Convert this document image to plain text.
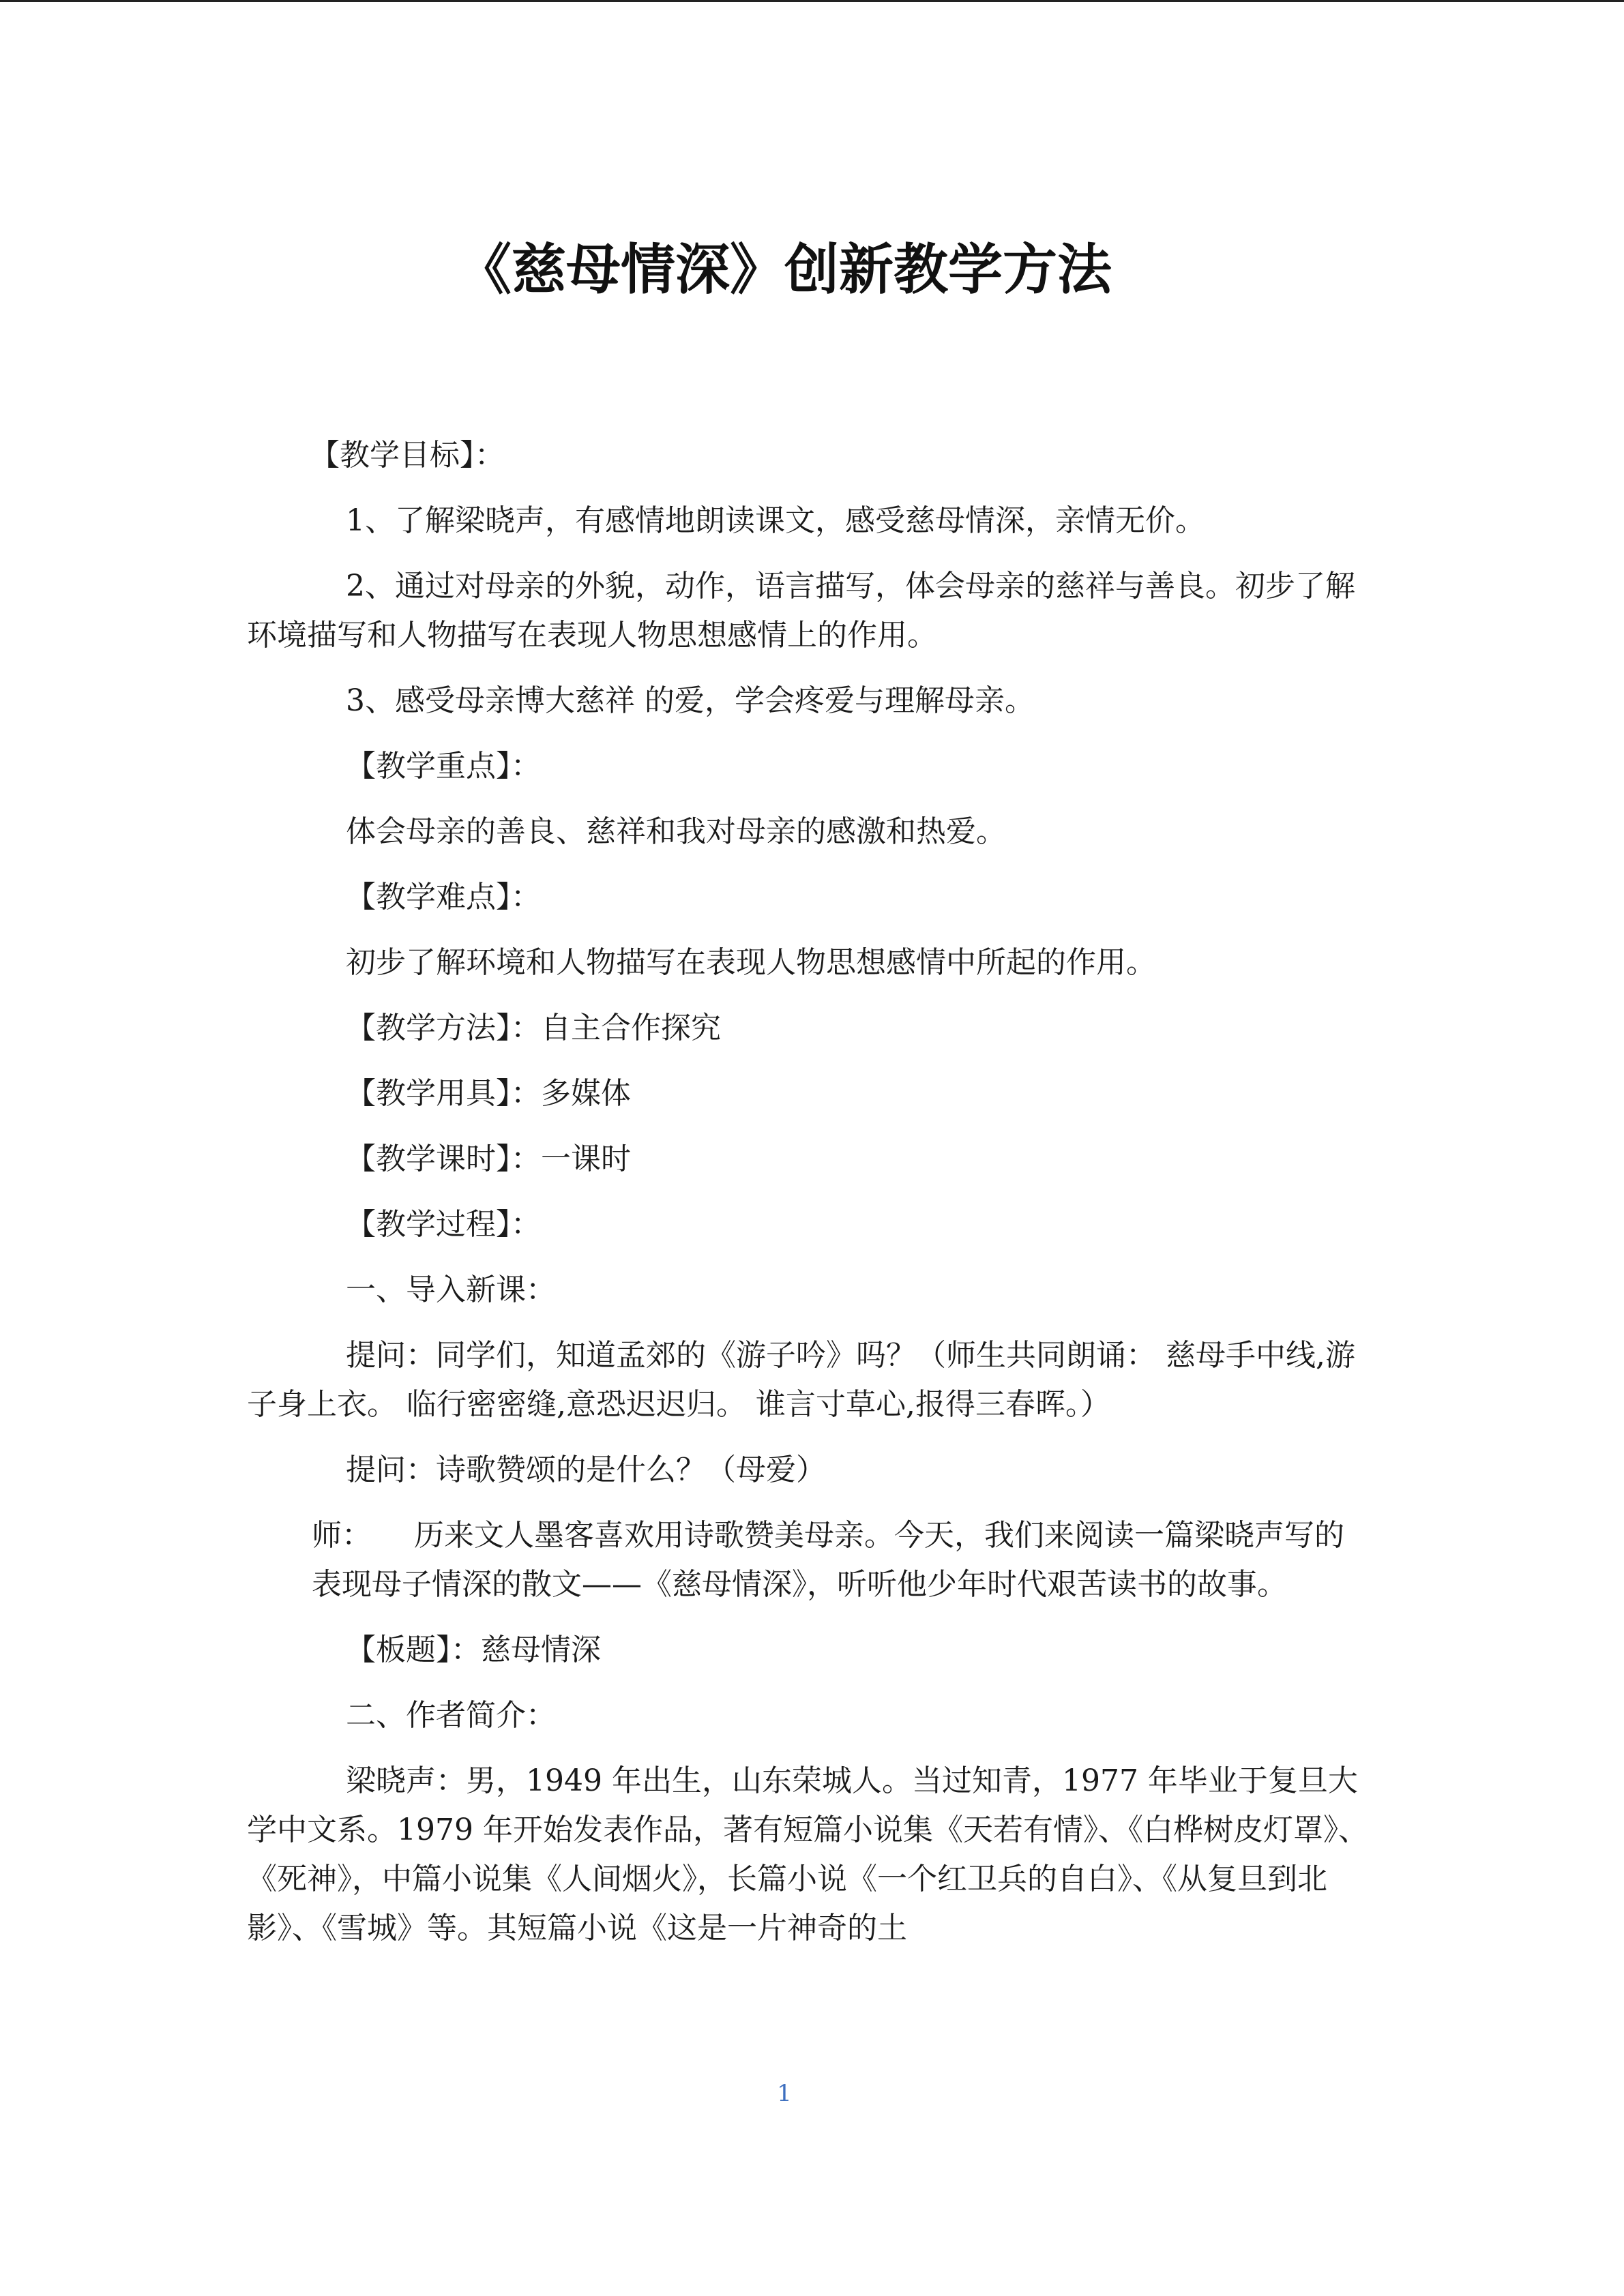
《慈母情深》创新教学方法

【教学目标】：

1、了解梁晓声，有感情地朗读课文，感受慈母情深，亲情无价。

2、通过对母亲的外貌，动作，语言描写，体会母亲的慈祥与善良。初步了解环境描写和人物描写在表现人物思想感情上的作用。

3、感受母亲博大慈祥 的爱，学会疼爱与理解母亲。

【教学重点】：

体会母亲的善良、慈祥和我对母亲的感激和热爱。

【教学难点】：

初步了解环境和人物描写在表现人物思想感情中所起的作用。

【教学方法】：自主合作探究

【教学用具】：多媒体

【教学课时】：一课时

【教学过程】：

一、导入新课：

提问：同学们，知道孟郊的《游子吟》吗？（师生共同朗诵： 慈母手中线,游子身上衣。 临行密密缝,意恐迟迟归。 谁言寸草心,报得三春晖。）

提问：诗歌赞颂的是什么？（母爱）

师： 历来文人墨客喜欢用诗歌赞美母亲。今天，我们来阅读一篇梁晓声写的表现母子情深的散文——《慈母情深》，听听他少年时代艰苦读书的故事。

【板题】：慈母情深

二、作者简介：

梁晓声：男，1949 年出生，山东荣城人。当过知青，1977 年毕业于复旦大学中文系。1979 年开始发表作品，著有短篇小说集《天若有情》、《白桦树皮灯罩》、《死神》，中篇小说集《人间烟火》，长篇小说《一个红卫兵的自白》、《从复旦到北影》、《雪城》等。其短篇小说《这是一片神奇的土

1
